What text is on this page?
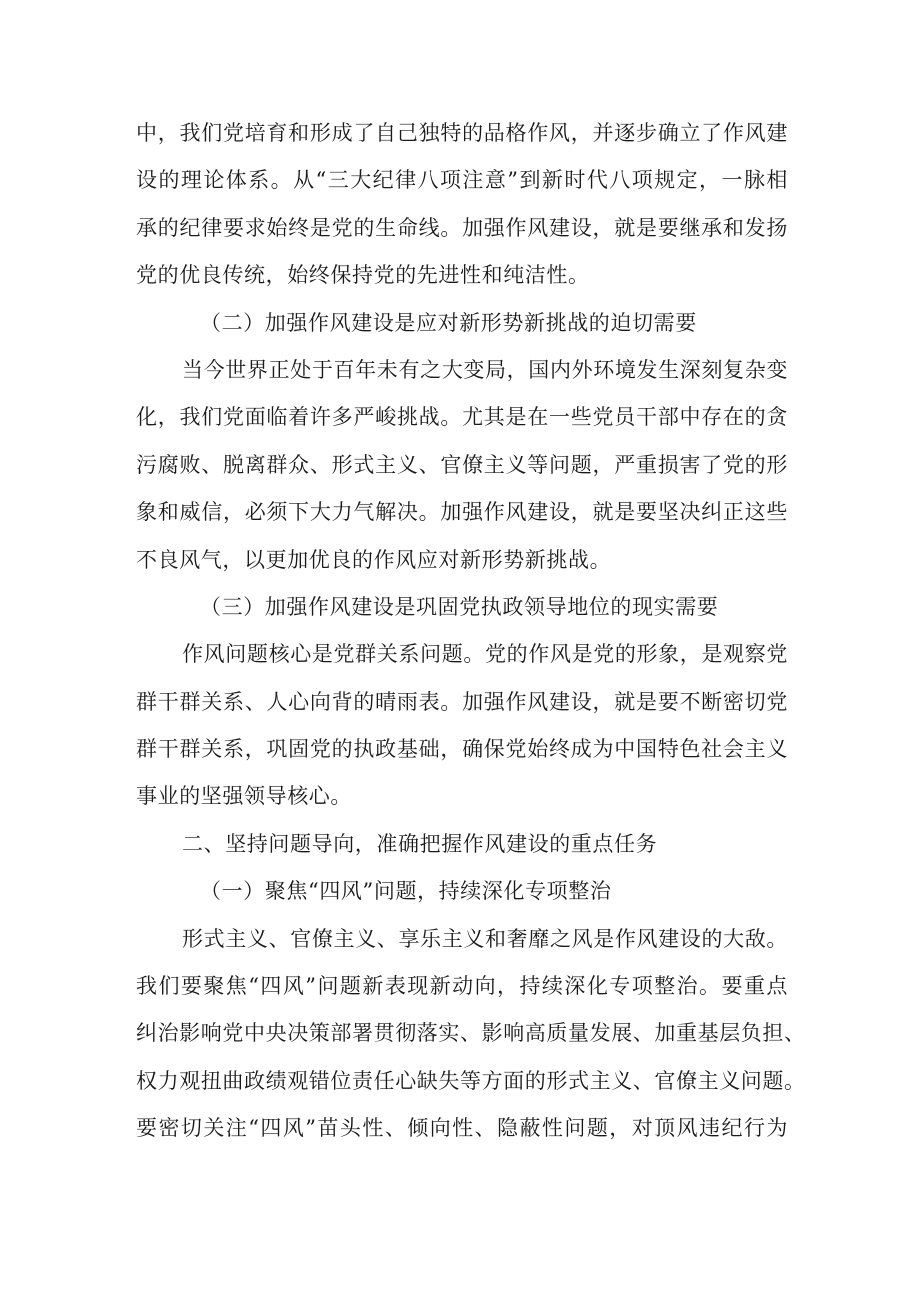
中，我们党培育和形成了自己独特的品格作风，并逐步确立了作风建
设的理论体系。从“三大纪律八项注意”到新时代八项规定，一脉相
承的纪律要求始终是党的生命线。加强作风建设，就是要继承和发扬
党的优良传统，始终保持党的先进性和纯洁性。
（二）加强作风建设是应对新形势新挑战的迫切需要
当今世界正处于百年未有之大变局，国内外环境发生深刻复杂变
化，我们党面临着许多严峻挑战。尤其是在一些党员干部中存在的贪
污腐败、脱离群众、形式主义、官僚主义等问题，严重损害了党的形
象和威信，必须下大力气解决。加强作风建设，就是要坚决纠正这些
不良风气，以更加优良的作风应对新形势新挑战。
（三）加强作风建设是巩固党执政领导地位的现实需要
作风问题核心是党群关系问题。党的作风是党的形象，是观察党
群干群关系、人心向背的晴雨表。加强作风建设，就是要不断密切党
群干群关系，巩固党的执政基础，确保党始终成为中国特色社会主义
事业的坚强领导核心。
二、坚持问题导向，准确把握作风建设的重点任务
（一）聚焦“四风”问题，持续深化专项整治
形式主义、官僚主义、享乐主义和奢靡之风是作风建设的大敌。
我们要聚焦“四风”问题新表现新动向，持续深化专项整治。要重点
纠治影响党中央决策部署贯彻落实、影响高质量发展、加重基层负担、
权力观扭曲政绩观错位责任心缺失等方面的形式主义、官僚主义问题。
要密切关注“四风”苗头性、倾向性、隐蔽性问题，对顶风违纪行为
